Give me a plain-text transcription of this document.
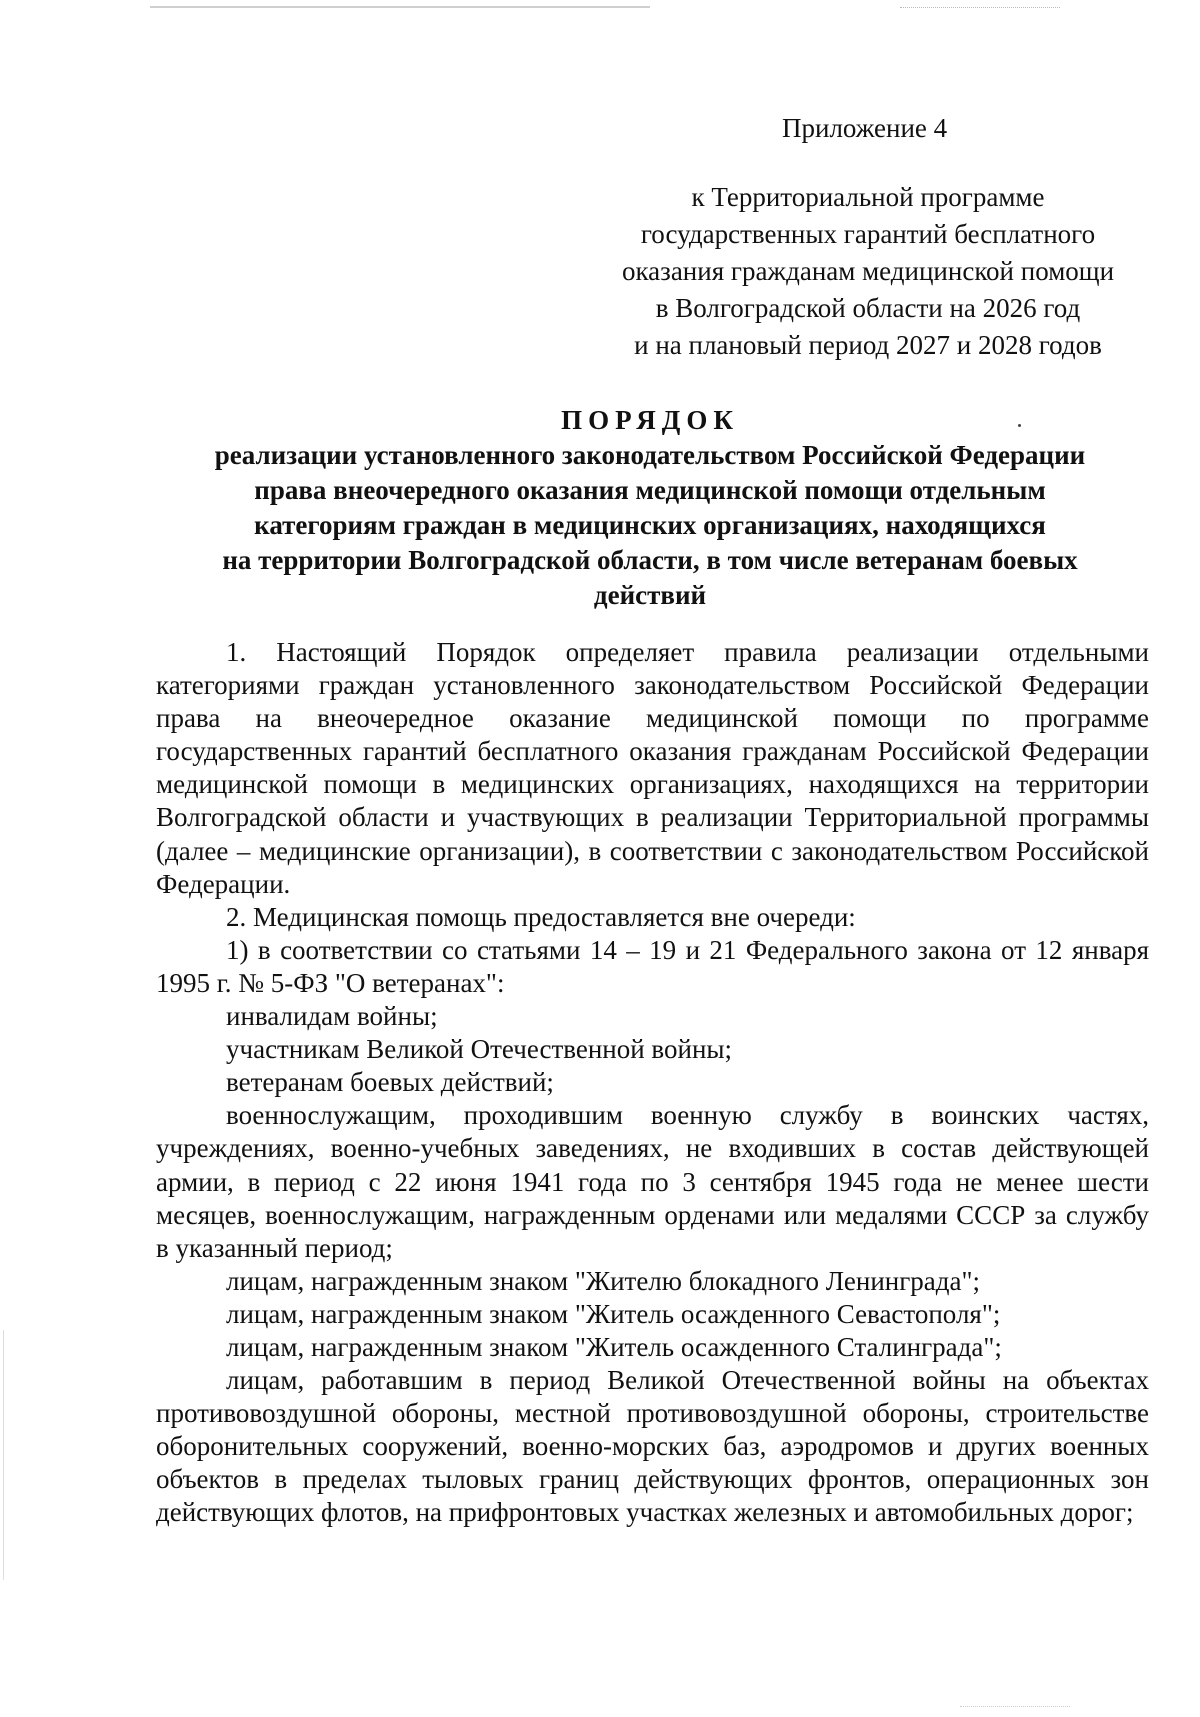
Приложение 4
к Территориальной программе
государственных гарантий бесплатного
оказания гражданам медицинской помощи
в Волгоградской области на 2026 год
и на плановый период 2027 и 2028 годов
ПОРЯДОК
реализации установленного законодательством Российской Федерации
права внеочередного оказания медицинской помощи отдельным
категориям граждан в медицинских организациях, находящихся
на территории Волгоградской области, в том числе ветеранам боевых
действий

1. Настоящий Порядок определяет правила реализации отдельными категориями граждан установленного законодательством Российской Федерации права на внеочередное оказание медицинской помощи по программе государственных гарантий бесплатного оказания гражданам Российской Федерации медицинской помощи в медицинских организациях, находящихся на территории Волгоградской области и участвующих в реализации Территориальной программы (далее – медицинские организации), в соответствии с законодательством Российской Федерации.

2. Медицинская помощь предоставляется вне очереди:

1) в соответствии со статьями 14 – 19 и 21 Федерального закона от 12 января 1995 г. № 5-ФЗ "О ветеранах":

инвалидам войны;

участникам Великой Отечественной войны;

ветеранам боевых действий;

военнослужащим, проходившим военную службу в воинских частях, учреждениях, военно-учебных заведениях, не входивших в состав действующей армии, в период с 22 июня 1941 года по 3 сентября 1945 года не менее шести месяцев, военнослужащим, награжденным орденами или медалями СССР за службу в указанный период;

лицам, награжденным знаком "Жителю блокадного Ленинграда";

лицам, награжденным знаком "Житель осажденного Севастополя";

лицам, награжденным знаком "Житель осажденного Сталинграда";

лицам, работавшим в период Великой Отечественной войны на объектах противовоздушной обороны, местной противовоздушной обороны, строительстве оборонительных сооружений, военно-морских баз, аэродромов и других военных объектов в пределах тыловых границ действующих фронтов, операционных зон действующих флотов, на прифронтовых участках железных и автомобильных дорог;
